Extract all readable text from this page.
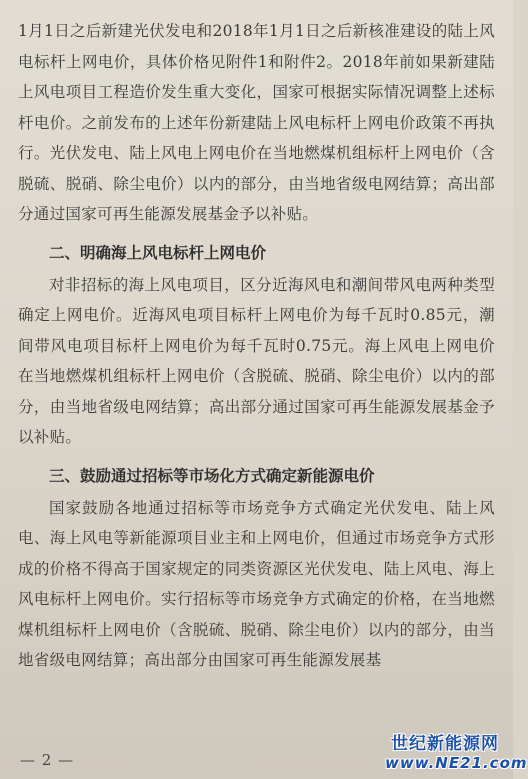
1月1日之后新建光伏发电和2018年1月1日之后新核准建设的陆上风电标杆上网电价，具体价格见附件1和附件2。2018年前如果新建陆上风电项目工程造价发生重大变化，国家可根据实际情况调整上述标杆电价。之前发布的上述年份新建陆上风电标杆上网电价政策不再执行。光伏发电、陆上风电上网电价在当地燃煤机组标杆上网电价（含脱硫、脱硝、除尘电价）以内的部分，由当地省级电网结算；高出部分通过国家可再生能源发展基金予以补贴。

二、明确海上风电标杆上网电价

对非招标的海上风电项目，区分近海风电和潮间带风电两种类型确定上网电价。近海风电项目标杆上网电价为每千瓦时0.85元，潮间带风电项目标杆上网电价为每千瓦时0.75元。海上风电上网电价在当地燃煤机组标杆上网电价（含脱硫、脱硝、除尘电价）以内的部分，由当地省级电网结算；高出部分通过国家可再生能源发展基金予以补贴。

三、鼓励通过招标等市场化方式确定新能源电价

国家鼓励各地通过招标等市场竞争方式确定光伏发电、陆上风电、海上风电等新能源项目业主和上网电价，但通过市场竞争方式形成的价格不得高于国家规定的同类资源区光伏发电、陆上风电、海上风电标杆上网电价。实行招标等市场竞争方式确定的价格，在当地燃煤机组标杆上网电价（含脱硫、脱硝、除尘电价）以内的部分，由当地省级电网结算；高出部分由国家可再生能源发展基

— 2 —
世纪新能源网
www.NE21.com
